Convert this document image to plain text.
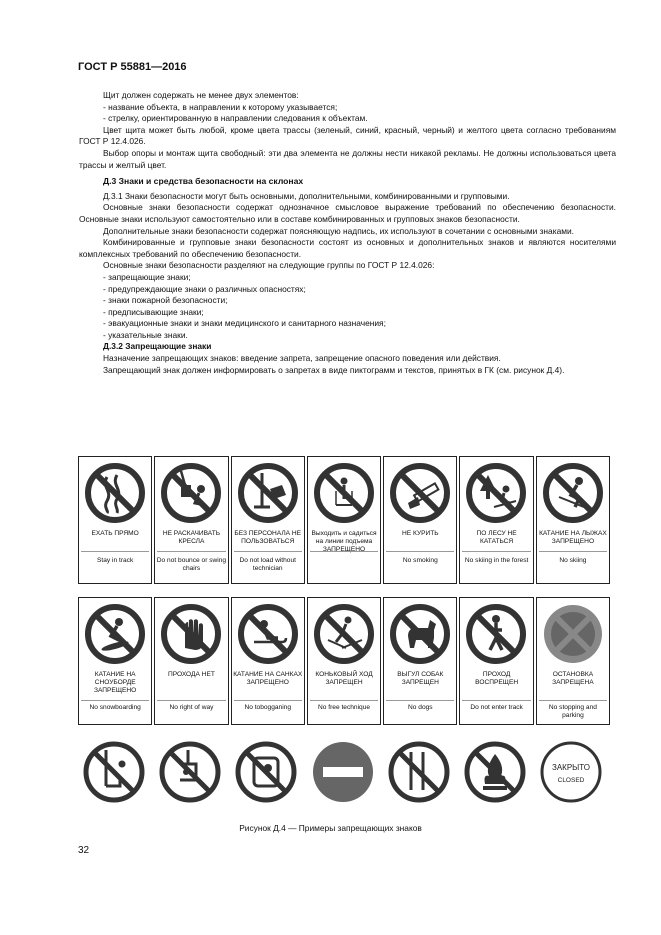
ГОСТ Р 55881—2016

Щит должен содержать не менее двух элементов:

- название объекта, в направлении к которому указывается;

- стрелку, ориентированную в направлении следования к объектам.

Цвет щита может быть любой, кроме цвета трассы (зеленый, синий, красный, черный) и желтого цвета согласно требованиям ГОСТ Р 12.4.026.

Выбор опоры и монтаж щита свободный: эти два элемента не должны нести никакой рекламы. Не должны использоваться цвета трассы и желтый цвет.

Д.3 Знаки и средства безопасности на склонах

Д.3.1 Знаки безопасности могут быть основными, дополнительными, комбинированными и групповыми.

Основные знаки безопасности содержат однозначное смысловое выражение требований по обеспечению безопасности. Основные знаки используют самостоятельно или в составе комбинированных и групповых знаков безопасности.

Дополнительные знаки безопасности содержат поясняющую надпись, их используют в сочетании с основными знаками.

Комбинированные и групповые знаки безопасности состоят из основных и дополнительных знаков и являются носителями комплексных требований по обеспечению безопасности.

Основные знаки безопасности разделяют на следующие группы по ГОСТ Р 12.4.026:

- запрещающие знаки;

- предупреждающие знаки о различных опасностях;

- знаки пожарной безопасности;

- предписывающие знаки;

- эвакуационные знаки и знаки медицинского и санитарного назначения;

- указательные знаки.

Д.3.2 Запрещающие знаки

Назначение запрещающих знаков: введение запрета, запрещение опасного поведения или действия.

Запрещающий знак должен информировать о запретах в виде пиктограмм и текстов, принятых в ГК (см. рисунок Д.4).

ЕХАТЬ ПРЯМО
Stay in track
НЕ РАСКАЧИВАТЬ КРЕСЛА
Do not bounce or swing chairs
БЕЗ ПЕРСОНАЛА НЕ ПОЛЬЗОВАТЬСЯ
Do not load without technician
Выходить и садиться на линии подъема ЗАПРЕЩЕНО
НЕ КУРИТЬ
No smoking
ПО ЛЕСУ НЕ КАТАТЬСЯ
No skiing in the forest
КАТАНИЕ НА ЛЫЖАХ ЗАПРЕЩЕНО
No skiing
КАТАНИЕ НА СНОУБОРДЕ ЗАПРЕЩЕНО
No snowboarding
ПРОХОДА НЕТ
No right of way
КАТАНИЕ НА САНКАХ ЗАПРЕЩЕНО
No tobogganing
КОНЬКОВЫЙ ХОД ЗАПРЕЩЕН
No free technique
ВЫГУЛ СОБАК ЗАПРЕЩЕН
No dogs
ПРОХОД ВОСПРЕЩЕН
Do not enter track
ОСТАНОВКА ЗАПРЕЩЕНА
No stopping and parking
ЗАКРЫТО
CLOSED
Рисунок Д.4 — Примеры запрещающих знаков
32
